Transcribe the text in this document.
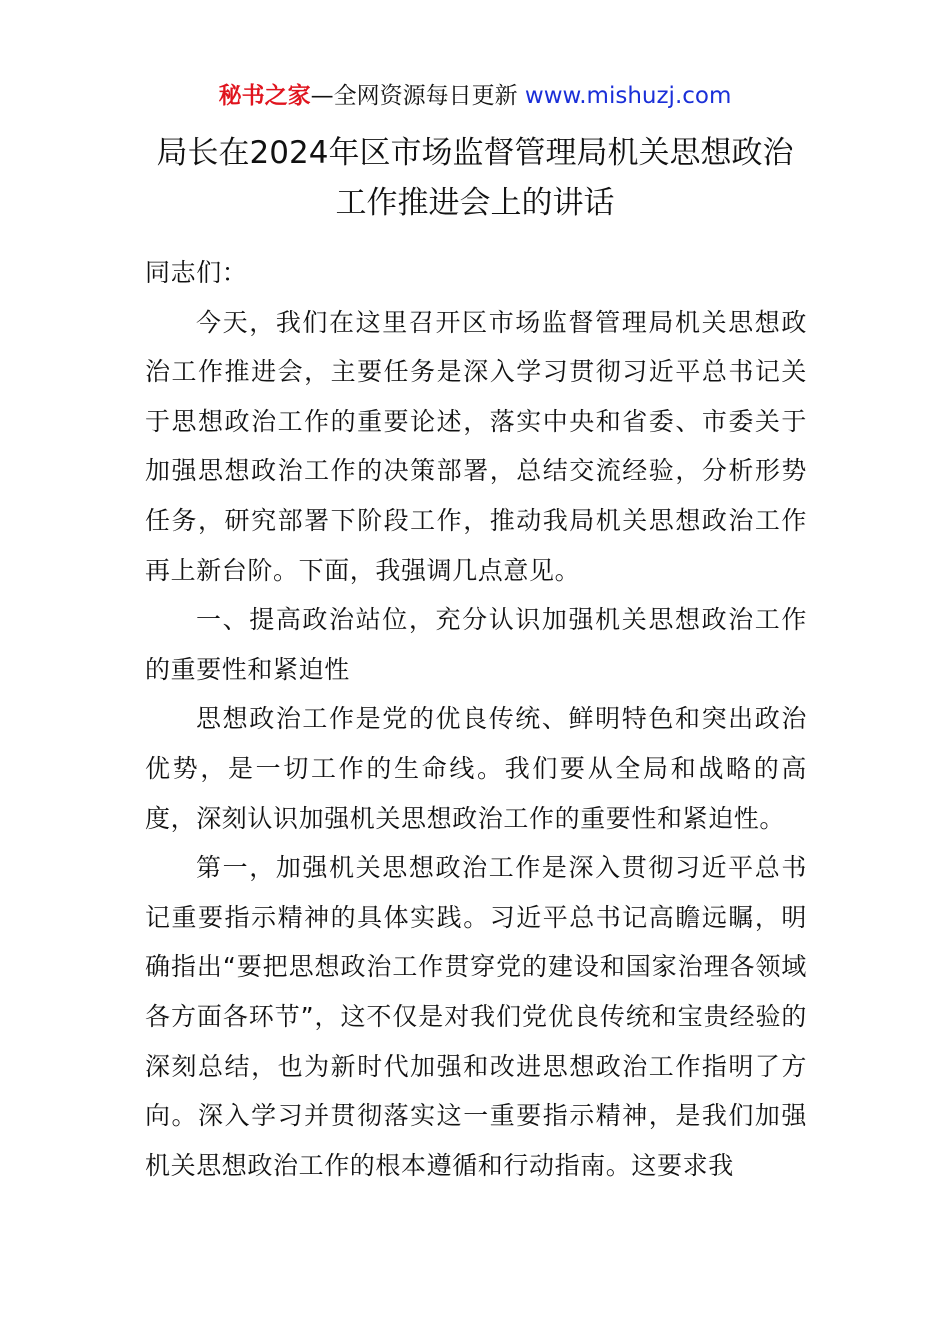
秘书之家—全网资源每日更新 www.mishuzj.com
局长在2024年区市场监督管理局机关思想政治
工作推进会上的讲话

同志们：

今天，我们在这里召开区市场监督管理局机关思想政治工作推进会，主要任务是深入学习贯彻习近平总书记关于思想政治工作的重要论述，落实中央和省委、市委关于加强思想政治工作的决策部署，总结交流经验，分析形势任务，研究部署下阶段工作，推动我局机关思想政治工作再上新台阶。下面，我强调几点意见。

一、提高政治站位，充分认识加强机关思想政治工作的重要性和紧迫性

思想政治工作是党的优良传统、鲜明特色和突出政治优势，是一切工作的生命线。我们要从全局和战略的高度，深刻认识加强机关思想政治工作的重要性和紧迫性。

第一，加强机关思想政治工作是深入贯彻习近平总书记重要指示精神的具体实践。习近平总书记高瞻远瞩，明确指出“要把思想政治工作贯穿党的建设和国家治理各领域各方面各环节”，这不仅是对我们党优良传统和宝贵经验的深刻总结，也为新时代加强和改进思想政治工作指明了方向。深入学习并贯彻落实这一重要指示精神，是我们加强机关思想政治工作的根本遵循和行动指南。这要求我
